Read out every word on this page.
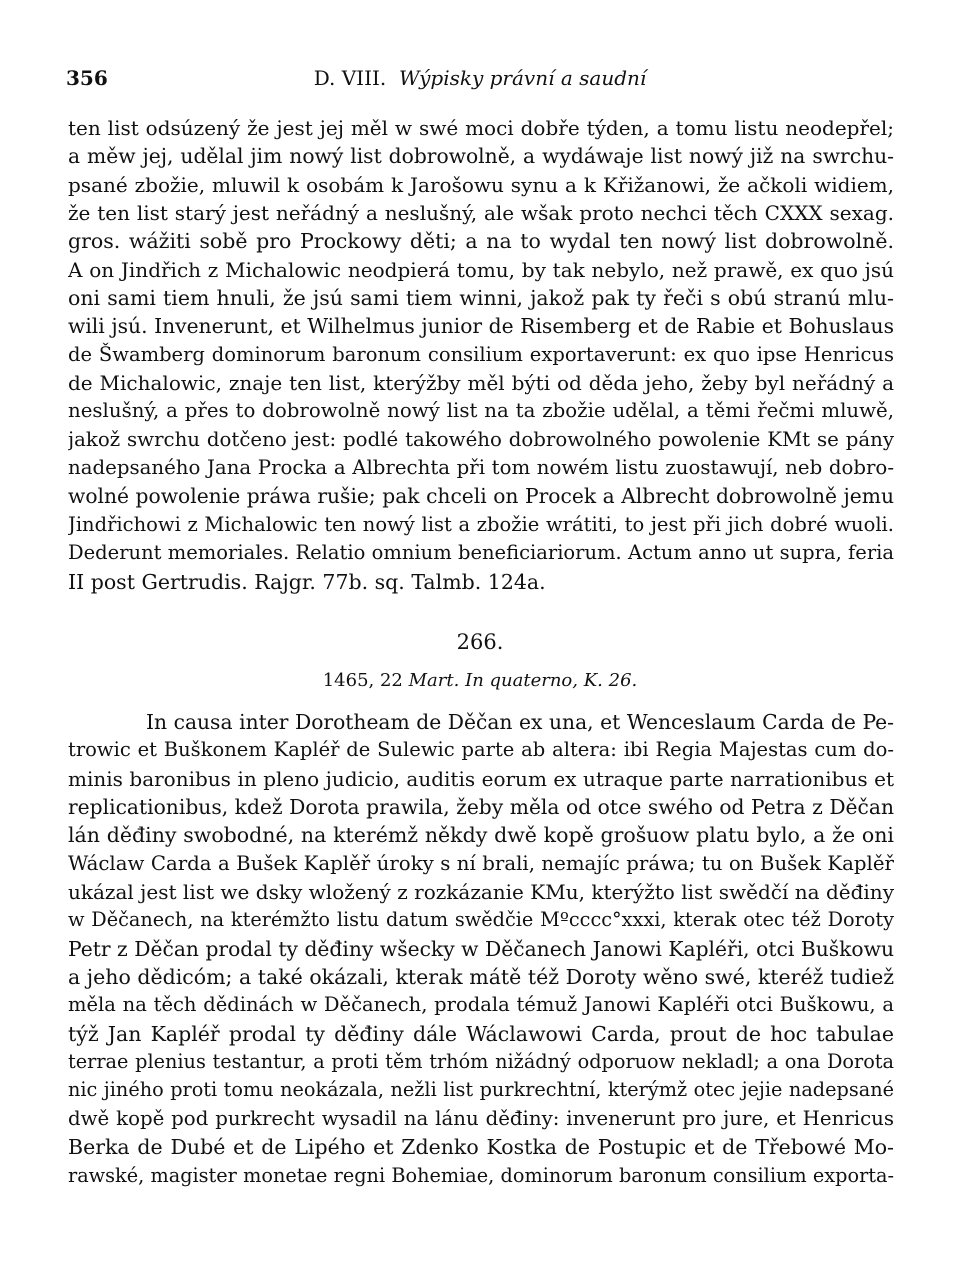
356	D. VIII. Wýpisky právní a saudní
ten list odsúzený že jest jej měl w swé moci dobře týden, a tomu listu neodepřel;
a měw jej, udělal jim nowý list dobrowolně, a wydáwaje list nowý již na swrchu-
psané zbožie, mluwil k osobám k Jarošowu synu a k Křižanowi, že ačkoli widiem,
že ten list starý jest neřádný a neslušný, ale wšak proto nechci těch CXXX sexag.
gros. wážiti sobě pro Prockowy děti; a na to wydal ten nowý list dobrowolně.
A on Jindřich z Michalowic neodpierá tomu, by tak nebylo, než prawě, ex quo jsú
oni sami tiem hnuli, že jsú sami tiem winni, jakož pak ty řeči s obú stranú mlu-
wili jsú. Invenerunt, et Wilhelmus junior de Risemberg et de Rabie et Bohuslaus
de Šwamberg dominorum baronum consilium exportaverunt: ex quo ipse Henricus
de Michalowic, znaje ten list, kterýžby měl býti od děda jeho, žeby byl neřádný a
neslušný, a přes to dobrowolně nowý list na ta zbožie udělal, a těmi řečmi mluwě,
jakož swrchu dotčeno jest: podlé takowého dobrowolného powolenie KMt se pány
nadepsaného Jana Procka a Albrechta při tom nowém listu zuostawují, neb dobro-
wolné powolenie práwa rušie; pak chceli on Procek a Albrecht dobrowolně jemu
Jindřichowi z Michalowic ten nowý list a zbožie wrátiti, to jest při jich dobré wuoli.
Dederunt memoriales. Relatio omnium beneficiariorum. Actum anno ut supra, feria
II post Gertrudis. Rajgr. 77b. sq. Talmb. 124a.
266.
1465, 22 Mart. In quaterno, K. 26.
In causa inter Dorotheam de Děčan ex una, et Wenceslaum Carda de Pe-
trowic et Buškonem Kapléř de Sulewic parte ab altera: ibi Regia Majestas cum do-
minis baronibus in pleno judicio, auditis eorum ex utraque parte narrationibus et
replicationibus, kdež Dorota prawila, žeby měla od otce swého od Petra z Děčan
lán děđiny swobodné, na kterémž někdy dwě kopě grošuow platu bylo, a že oni
Wáclaw Carda a Bušek Kaplěř úroky s ní brali, nemajíc práwa; tu on Bušek Kaplěř
ukázal jest list we dsky wložený z rozkázanie KMu, kterýžto list swědčí na děđiny
w Děčanech, na kterémžto listu datum swědčie Mºcccc°xxxi, kterak otec též Doroty
Petr z Děčan prodal ty děđiny wšecky w Děčanech Janowi Kapléři, otci Buškowu
a jeho dědicóm; a také okázali, kterak mátě též Doroty wěno swé, kteréž tudiež
měla na těch dědinách w Děčanech, prodala témuž Janowi Kapléři otci Buškowu, a
týž Jan Kapléř prodal ty děđiny dále Wáclawowi Carda, prout de hoc tabulae
terrae plenius testantur, a proti těm trhóm nižádný odporuow nekladl; a ona Dorota
nic jiného proti tomu neokázala, nežli list purkrechtní, kterýmž otec jejie nadepsané
dwě kopě pod purkrecht wysadil na lánu děđiny: invenerunt pro jure, et Henricus
Berka de Dubé et de Lipého et Zdenko Kostka de Postupic et de Třebowé Mo-
rawské, magister monetae regni Bohemiae, dominorum baronum consilium exporta-
